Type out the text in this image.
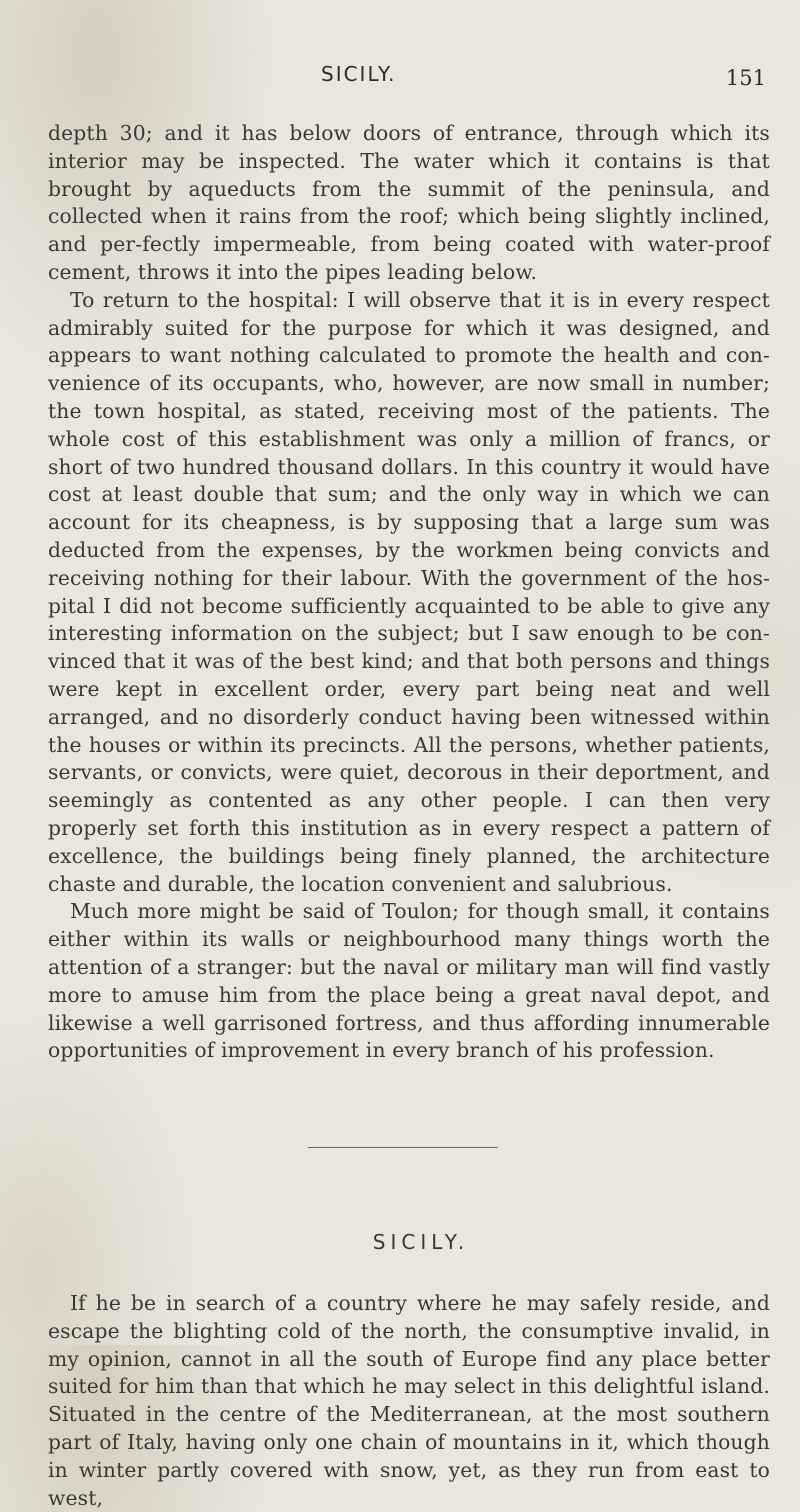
SICILY.	151

depth 30; and it has below doors of entrance, through which its interior may be inspected. The water which it contains is that brought by aqueducts from the summit of the peninsula, and collected when it rains from the roof; which being slightly inclined, and per-fectly impermeable, from being coated with water-proof cement, throws it into the pipes leading below.

To return to the hospital: I will observe that it is in every respect admirably suited for the purpose for which it was designed, and appears to want nothing calculated to promote the health and con-venience of its occupants, who, however, are now small in number; the town hospital, as stated, receiving most of the patients. The whole cost of this establishment was only a million of francs, or short of two hundred thousand dollars. In this country it would have cost at least double that sum; and the only way in which we can account for its cheapness, is by supposing that a large sum was deducted from the expenses, by the workmen being convicts and receiving nothing for their labour. With the government of the hos-pital I did not become sufficiently acquainted to be able to give any interesting information on the subject; but I saw enough to be con-vinced that it was of the best kind; and that both persons and things were kept in excellent order, every part being neat and well arranged, and no disorderly conduct having been witnessed within the houses or within its precincts. All the persons, whether patients, servants, or convicts, were quiet, decorous in their deportment, and seemingly as contented as any other people. I can then very properly set forth this institution as in every respect a pattern of excellence, the buildings being finely planned, the architecture chaste and durable, the location convenient and salubrious.

Much more might be said of Toulon; for though small, it contains either within its walls or neighbourhood many things worth the attention of a stranger: but the naval or military man will find vastly more to amuse him from the place being a great naval depot, and likewise a well garrisoned fortress, and thus affording innumerable opportunities of improvement in every branch of his profession.

SICILY.

If he be in search of a country where he may safely reside, and escape the blighting cold of the north, the consumptive invalid, in my opinion, cannot in all the south of Europe find any place better suited for him than that which he may select in this delightful island. Situated in the centre of the Mediterranean, at the most southern part of Italy, having only one chain of mountains in it, which though in winter partly covered with snow, yet, as they run from east to west,
